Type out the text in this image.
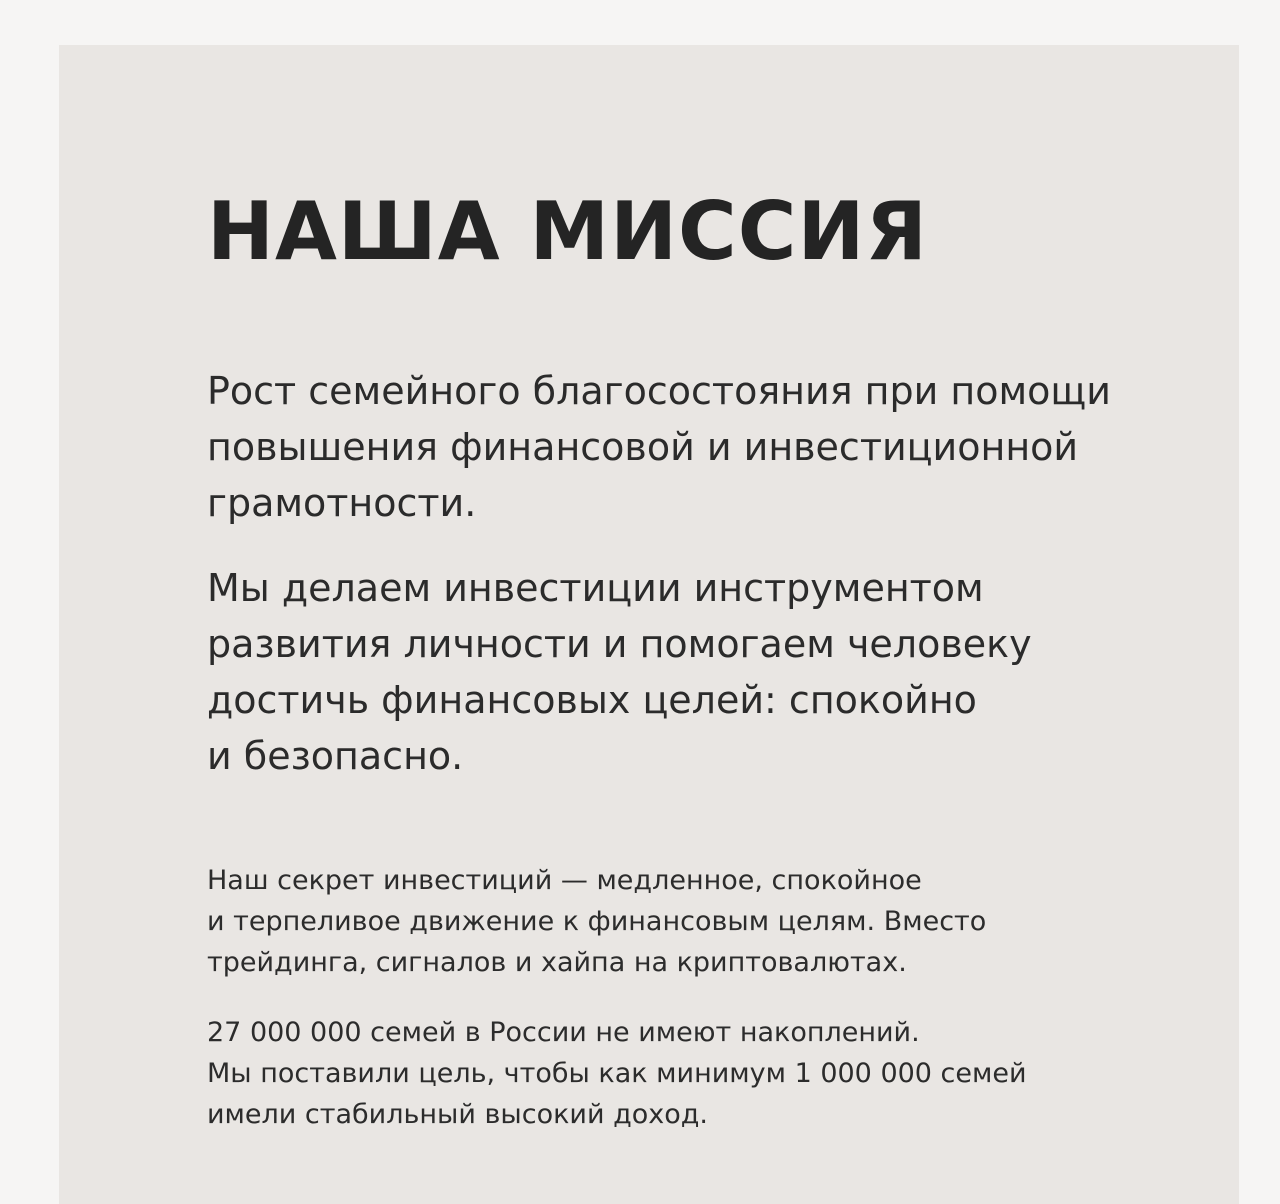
НАША МИССИЯ

Рост семейного благосостояния при помощи
повышения финансовой и инвестиционной
грамотности.

Мы делаем инвестиции инструментом
развития личности и помогаем человеку
достичь финансовых целей: спокойно
и безопасно.

Наш секрет инвестиций — медленное, спокойное
и терпеливое движение к финансовым целям. Вместо
трейдинга, сигналов и хайпа на криптовалютах.

27 000 000 семей в России не имеют накоплений.
Мы поставили цель, чтобы как минимум 1 000 000 семей
имели стабильный высокий доход.
